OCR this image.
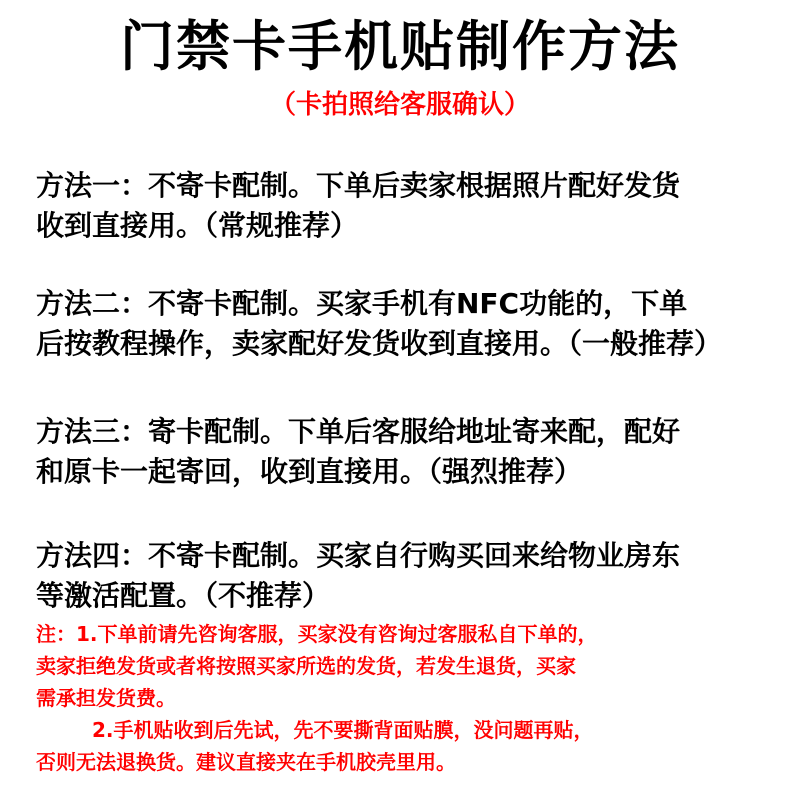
门禁卡手机贴制作方法
（卡拍照给客服确认）
方法一：不寄卡配制。下单后卖家根据照片配好发货
收到直接用。（常规推荐）
方法二：不寄卡配制。买家手机有NFC功能的，下单
后按教程操作，卖家配好发货收到直接用。（一般推荐）
方法三：寄卡配制。下单后客服给地址寄来配，配好
和原卡一起寄回，收到直接用。（强烈推荐）
方法四：不寄卡配制。买家自行购买回来给物业房东
等激活配置。（不推荐）
注：1.下单前请先咨询客服，买家没有咨询过客服私自下单的，
卖家拒绝发货或者将按照买家所选的发货，若发生退货，买家
需承担发货费。
2.手机贴收到后先试，先不要撕背面贴膜，没问题再贴，
否则无法退换货。建议直接夹在手机胶壳里用。
